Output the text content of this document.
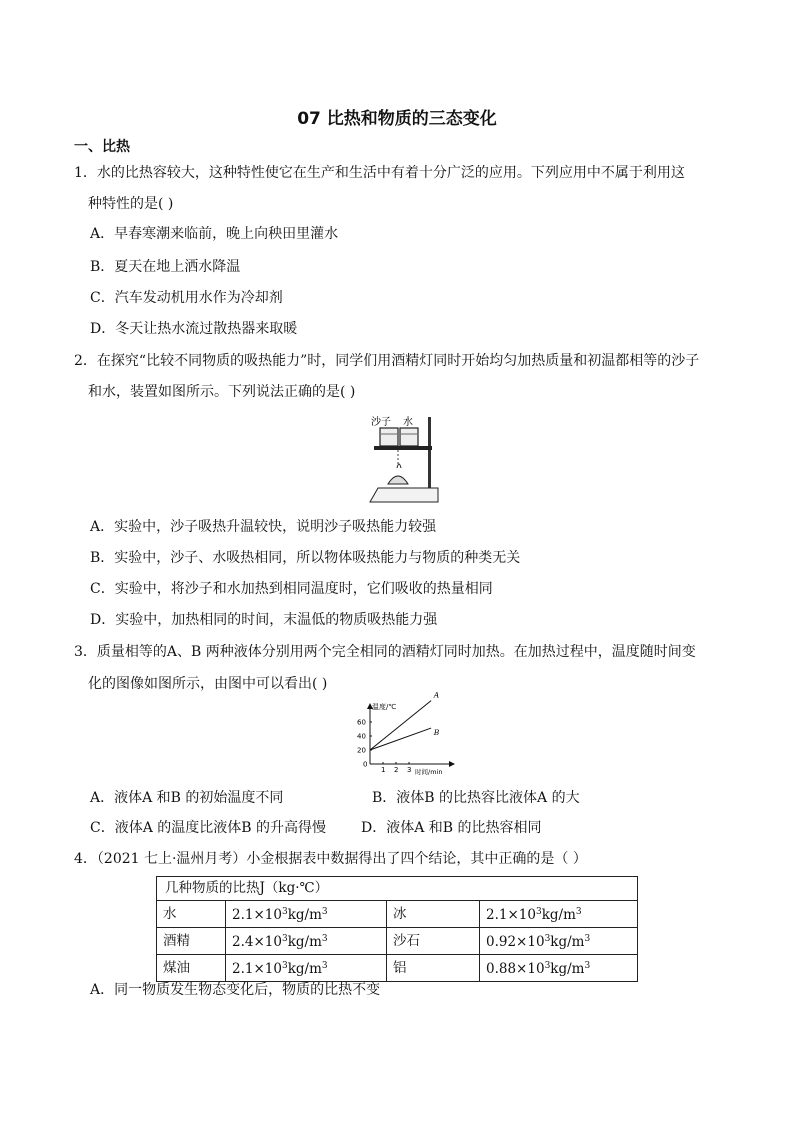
07 比热和物质的三态变化
一、比热
1．水的比热容较大，这种特性使它在生产和生活中有着十分广泛的应用。下列应用中不属于利用这
种特性的是( )
A．早春寒潮来临前，晚上向秧田里灌水
B．夏天在地上洒水降温
C．汽车发动机用水作为冷却剂
D．冬天让热水流过散热器来取暖
2．在探究“比较不同物质的吸热能力”时，同学们用酒精灯同时开始均匀加热质量和初温都相等的沙子
和水，装置如图所示。下列说法正确的是( )
沙子 水
A．实验中，沙子吸热升温较快，说明沙子吸热能力较强
B．实验中，沙子、水吸热相同，所以物体吸热能力与物质的种类无关
C．实验中，将沙子和水加热到相同温度时，它们吸收的热量相同
D．实验中，加热相同的时间，末温低的物质吸热能力强
3．质量相等的A、B 两种液体分别用两个完全相同的酒精灯同时加热。在加热过程中，温度随时间变
化的图像如图所示，由图中可以看出( )
温度/℃
时间/min
1 2 3
0
20
40
60
A
B
A．液体A 和B 的初始温度不同	B．液体B 的比热容比液体A 的大
C．液体A 的温度比液体B 的升高得慢 D．液体A 和B 的比热容相同
4．（2021 七上·温州月考）小金根据表中数据得出了四个结论，其中正确的是（ ）
几种物质的比热J（kg·℃）			
水	$2.1\times 10^3kg/m^3$	冰	$2.1\times 10^3kg/m^3$
酒精	$2.4\times 10^3kg/m^3$	沙石	$0.92\times 10^3kg/m^3$
煤油	$2.1\times 10^3kg/m^3$	铝	$0.88\times 10^3kg/m^3$
A．同一物质发生物态变化后，物质的比热不变
